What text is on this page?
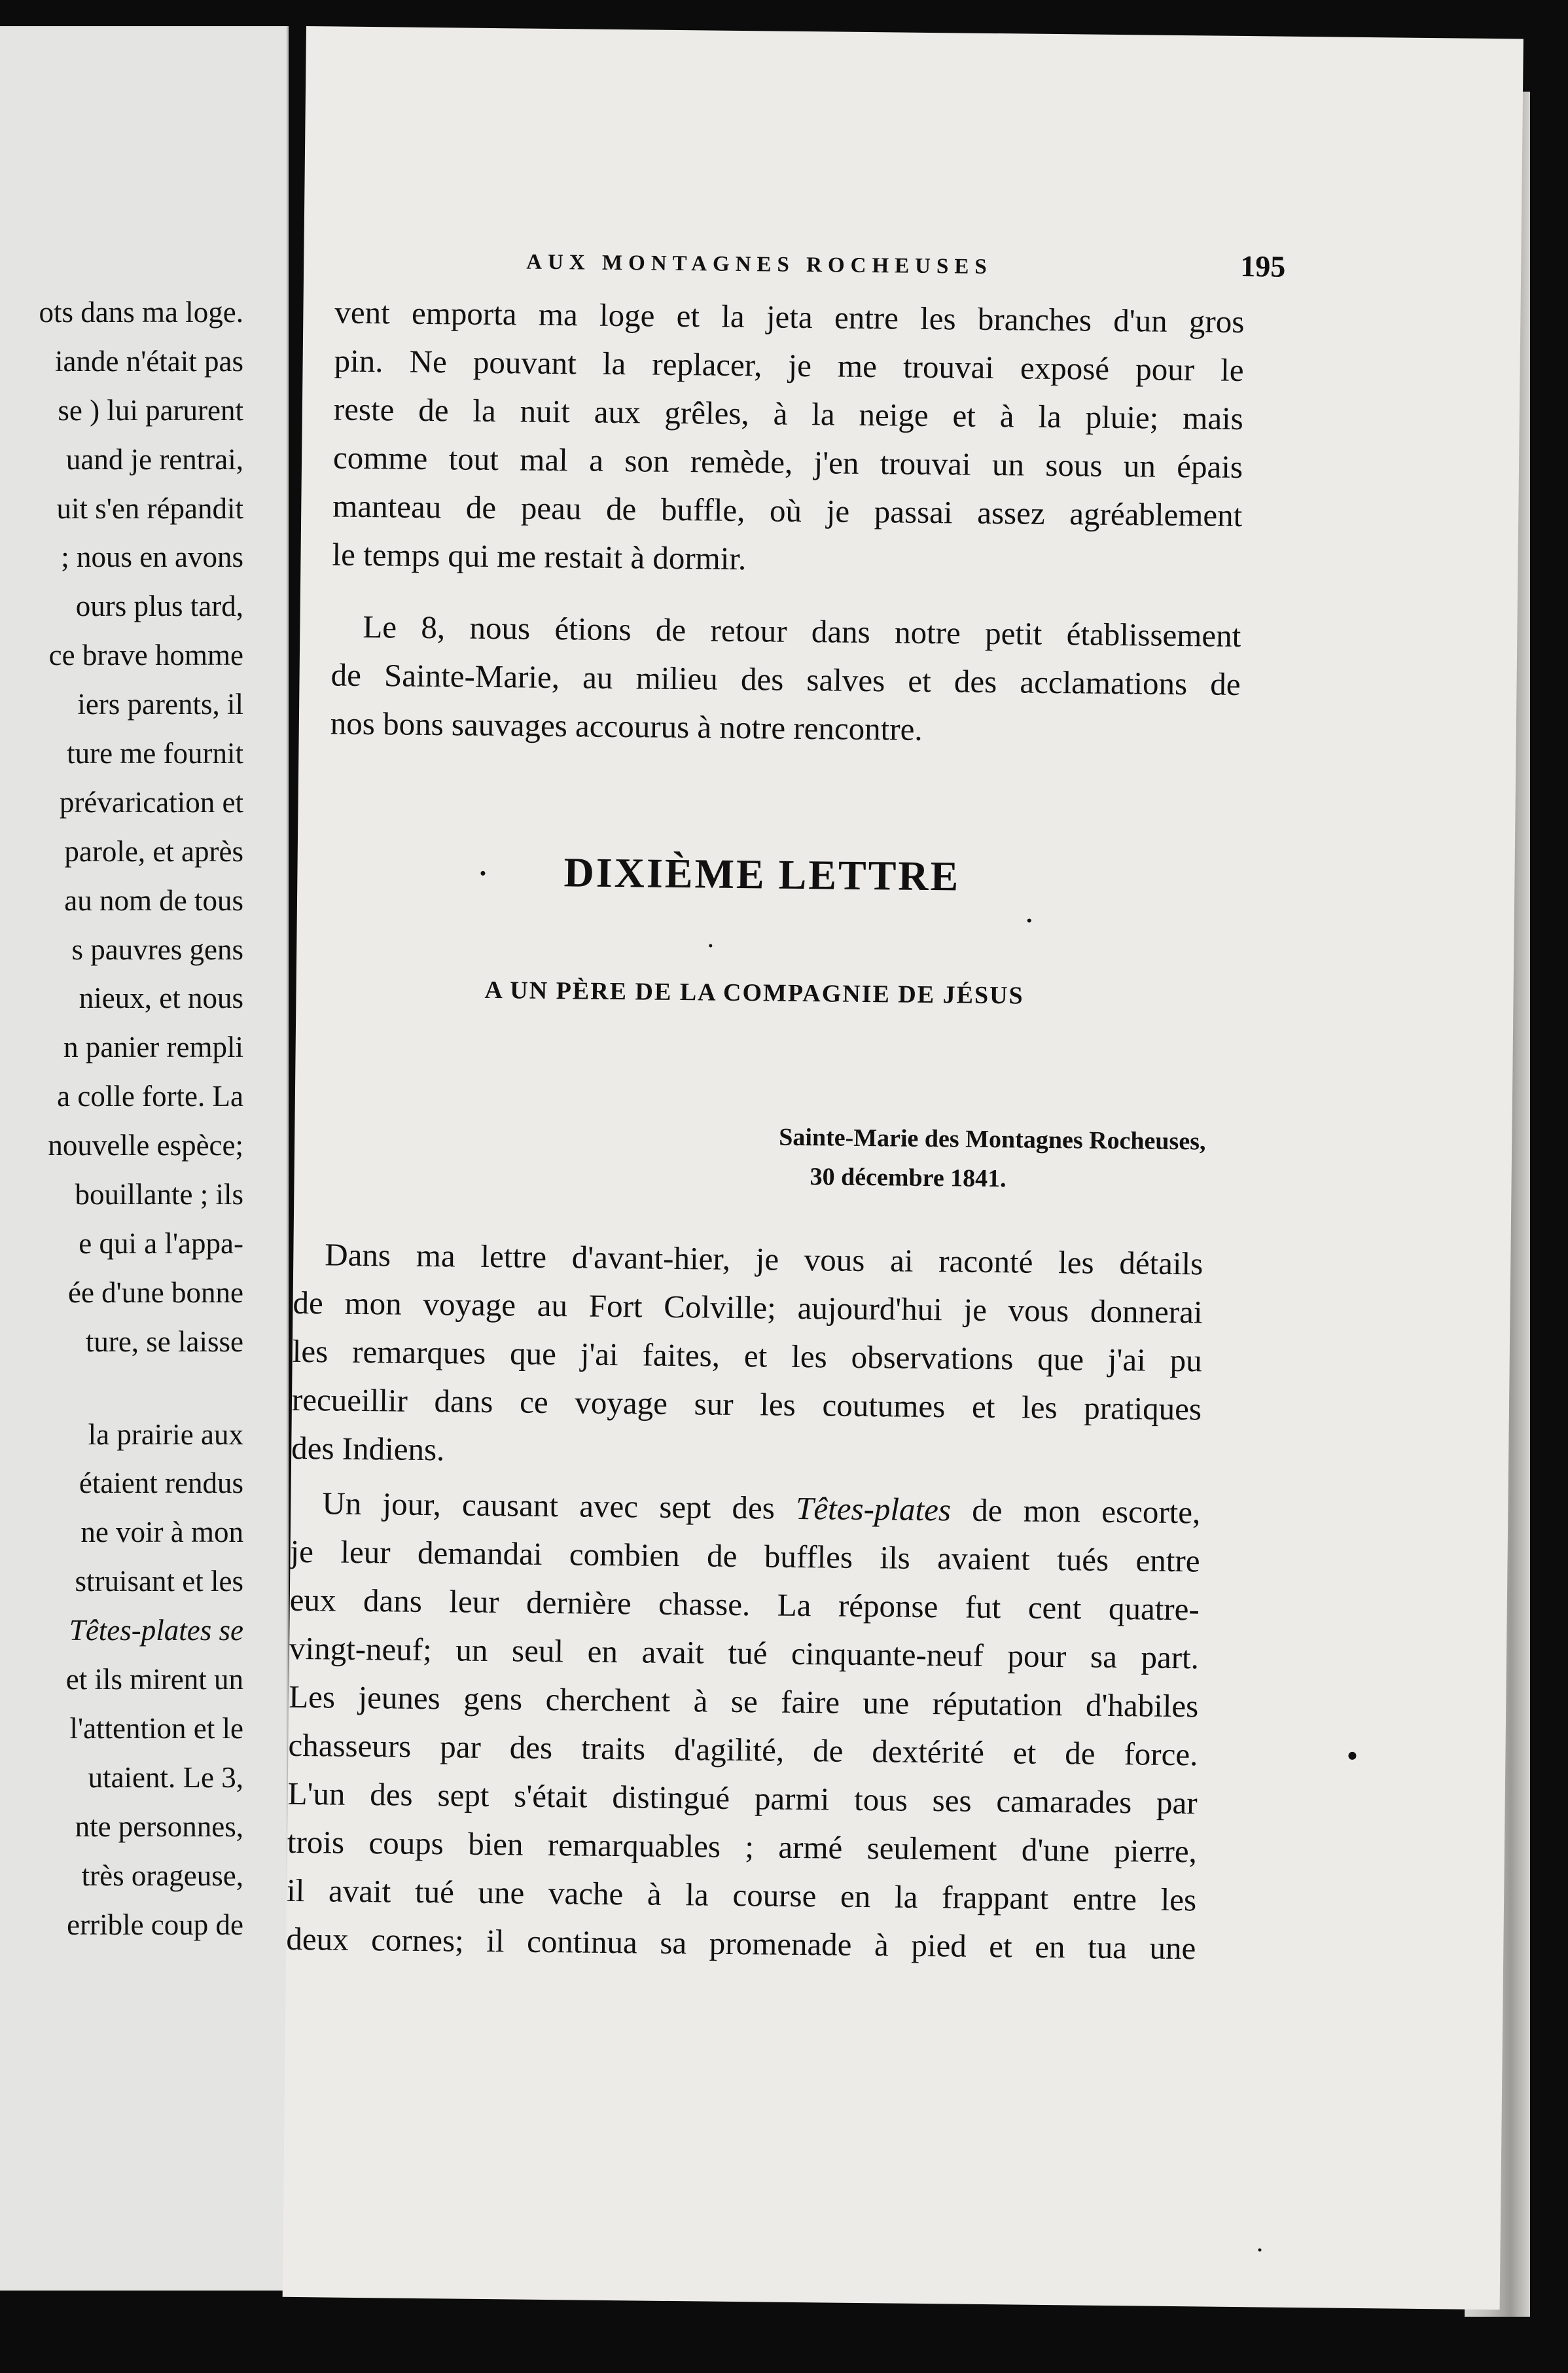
ots dans ma loge.
iande n'était pas
se ) lui parurent
uand je rentrai,
uit s'en répandit
; nous en avons
ours plus tard,
ce brave homme
iers parents, il
ture me fournit
prévarication et
parole, et après
au nom de tous
s pauvres gens
nieux, et nous
n panier rempli
a colle forte. La
nouvelle espèce;
bouillante ; ils
e qui a l'appa-
ée d'une bonne
ture, se laisse
la prairie aux
étaient rendus
ne voir à mon
struisant et les
Têtes-plates se
et ils mirent un
l'attention et le
utaient. Le 3,
nte personnes,
très orageuse,
errible coup de
AUX MONTAGNES ROCHEUSES	195
vent emporta ma loge et la jeta entre les branches d'un gros
pin. Ne pouvant la replacer, je me trouvai exposé pour le
reste de la nuit aux grêles, à la neige et à la pluie; mais
comme tout mal a son remède, j'en trouvai un sous un épais
manteau de peau de buffle, où je passai assez agréablement
le temps qui me restait à dormir.
Le 8, nous étions de retour dans notre petit établissement
de Sainte-Marie, au milieu des salves et des acclamations de
nos bons sauvages accourus à notre rencontre.
DIXIÈME LETTRE
A UN PÈRE DE LA COMPAGNIE DE JÉSUS
Sainte-Marie des Montagnes Rocheuses,
30 décembre 1841.
Dans ma lettre d'avant-hier, je vous ai raconté les détails
de mon voyage au Fort Colville; aujourd'hui je vous donnerai
les remarques que j'ai faites, et les observations que j'ai pu
recueillir dans ce voyage sur les coutumes et les pratiques
des Indiens.
Un jour, causant avec sept des Têtes-plates de mon escorte,
je leur demandai combien de buffles ils avaient tués entre
eux dans leur dernière chasse. La réponse fut cent quatre-
vingt-neuf; un seul en avait tué cinquante-neuf pour sa part.
Les jeunes gens cherchent à se faire une réputation d'habiles
chasseurs par des traits d'agilité, de dextérité et de force.
L'un des sept s'était distingué parmi tous ses camarades par
trois coups bien remarquables ; armé seulement d'une pierre,
il avait tué une vache à la course en la frappant entre les
deux cornes; il continua sa promenade à pied et en tua une
